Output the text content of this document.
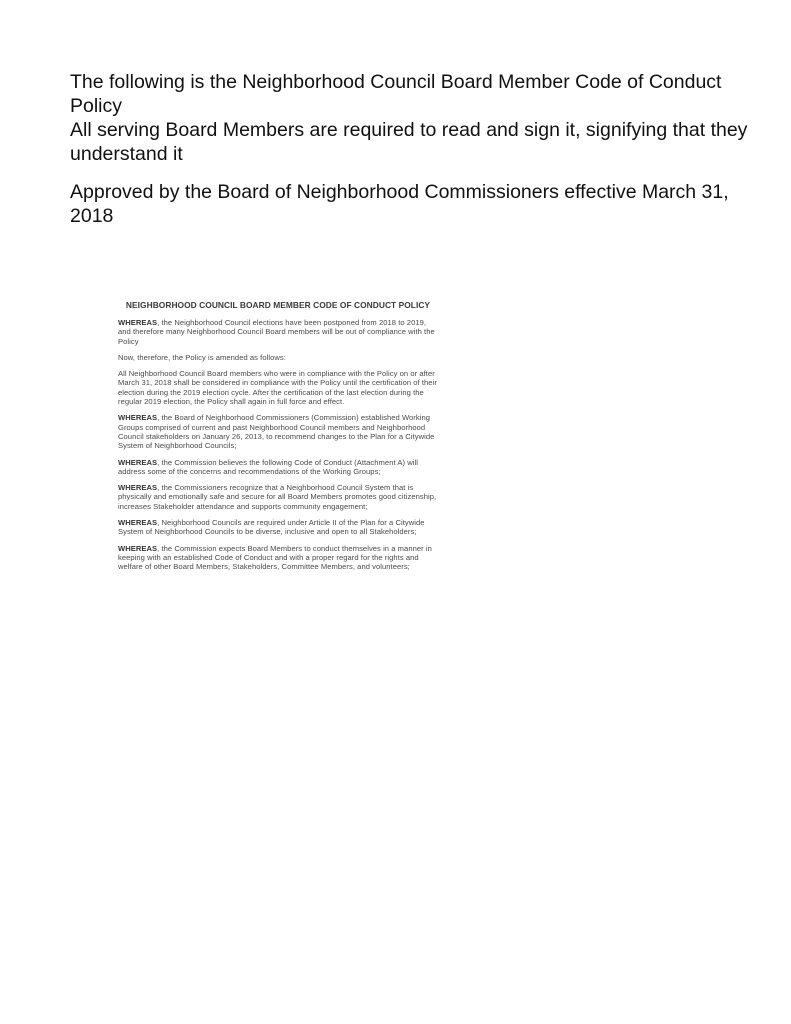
The following is the Neighborhood Council Board Member Code of Conduct Policy

All serving Board Members are required to read and sign it, signifying that they understand it

Approved by the Board of Neighborhood Commissioners effective March 31, 2018

NEIGHBORHOOD COUNCIL BOARD MEMBER CODE OF CONDUCT POLICY
WHEREAS, the Neighborhood Council elections have been postponed from 2018 to 2019, and therefore many Neighborhood Council Board members will be out of compliance with the Policy
Now, therefore, the Policy is amended as follows:
All Neighborhood Council Board members who were in compliance with the Policy on or after March 31, 2018 shall be considered in compliance with the Policy until the certification of their election during the 2019 election cycle. After the certification of the last election during the regular 2019 election, the Policy shall again in full force and effect.
WHEREAS, the Board of Neighborhood Commissioners (Commission) established Working Groups comprised of current and past Neighborhood Council members and Neighborhood Council stakeholders on January 26, 2013, to recommend changes to the Plan for a Citywide System of Neighborhood Councils;
WHEREAS, the Commission believes the following Code of Conduct (Attachment A) will address some of the concerns and recommendations of the Working Groups;
WHEREAS, the Commissioners recognize that a Neighborhood Council System that is physically and emotionally safe and secure for all Board Members promotes good citizenship, increases Stakeholder attendance and supports community engagement;
WHEREAS, Neighborhood Councils are required under Article II of the Plan for a Citywide System of Neighborhood Councils to be diverse, inclusive and open to all Stakeholders;
WHEREAS, the Commission expects Board Members to conduct themselves in a manner in keeping with an established Code of Conduct and with a proper regard for the rights and welfare of other Board Members, Stakeholders, Committee Members, and volunteers;
